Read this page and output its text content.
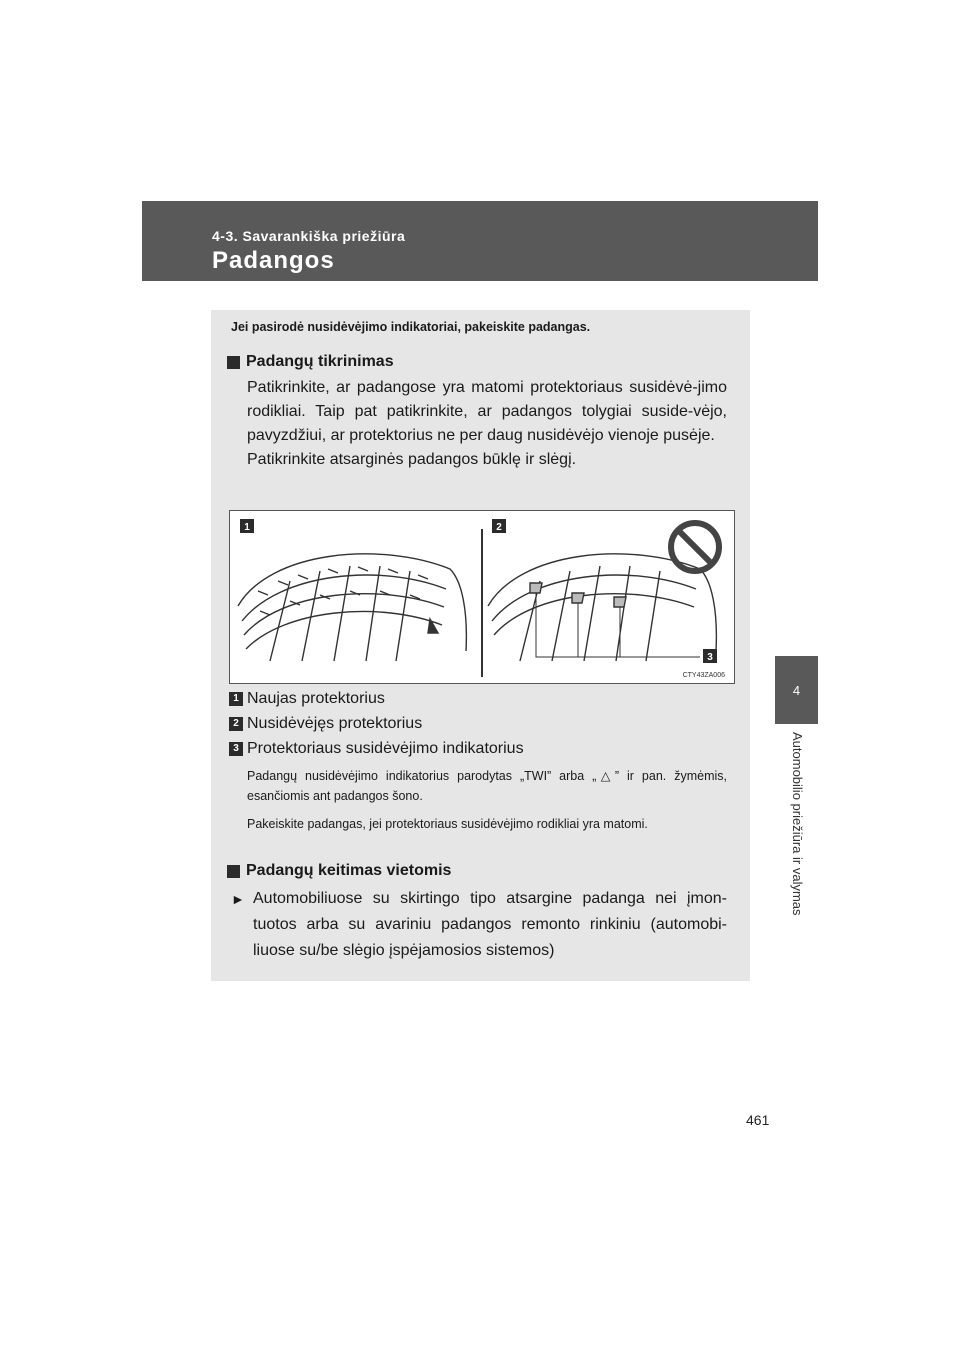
4-3. Savarankiška priežiūra
Padangos
4
Automobilio priežiūra ir valymas
Jei pasirodė nusidėvėjimo indikatoriai, pakeiskite padangas.
Padangų tikrinimas

Patikrinkite, ar padangose yra matomi protektoriaus susidėvė-jimo rodikliai. Taip pat patikrinkite, ar padangos tolygiai suside-vėjo, pavyzdžiui, ar protektorius ne per daug nusidėvėjo vienoje pusėje.

Patikrinkite atsarginės padangos būklę ir slėgį.

1	2
3
CTY43ZA006
1 Naujas protektorius
2 Nusidėvėjęs protektorius
3 Protektoriaus susidėvėjimo indikatorius
Padangų nusidėvėjimo indikatorius parodytas „TWI” arba „△” ir pan. žymėmis, esančiomis ant padangos šono.
Pakeiskite padangas, jei protektoriaus susidėvėjimo rodikliai yra matomi.
Padangų keitimas vietomis
► Automobiliuose su skirtingo tipo atsargine padanga nei įmon-tuotos arba su avariniu padangos remonto rinkiniu (automobi-liuose su/be slėgio įspėjamosios sistemos)
461
